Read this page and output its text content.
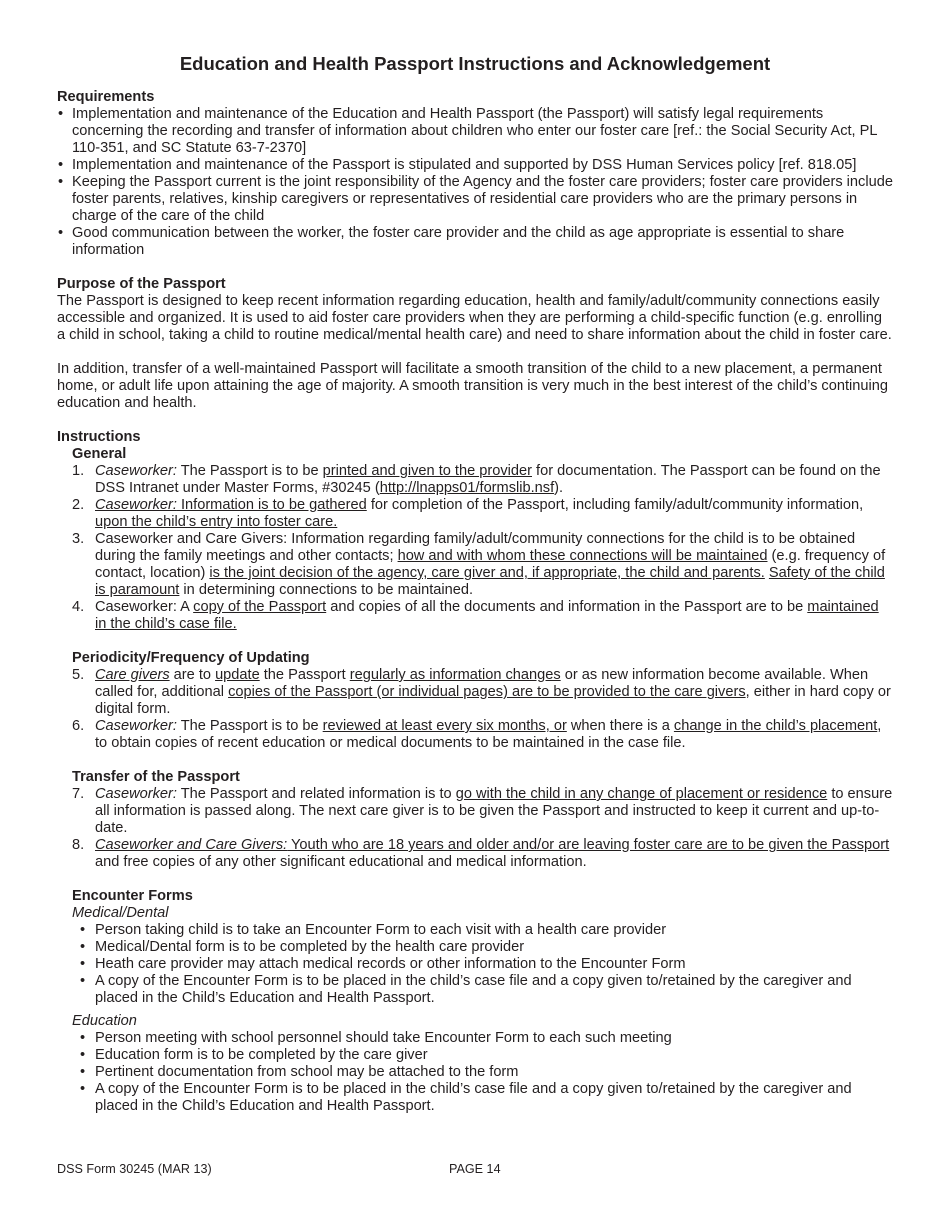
Education and Health Passport Instructions and Acknowledgement

Requirements

• Implementation and maintenance of the Education and Health Passport (the Passport) will satisfy legal requirements concerning the recording and transfer of information about children who enter our foster care [ref.: the Social Security Act, PL 110-351, and SC Statute 63-7-2370]
• Implementation and maintenance of the Passport is stipulated and supported by DSS Human Services policy [ref. 818.05]
• Keeping the Passport current is the joint responsibility of the Agency and the foster care providers; foster care providers include foster parents, relatives, kinship caregivers or representatives of residential care providers who are the primary persons in charge of the care of the child
• Good communication between the worker, the foster care provider and the child as age appropriate is essential to share information

Purpose of the Passport

The Passport is designed to keep recent information regarding education, health and family/adult/community connections easily accessible and organized. It is used to aid foster care providers when they are performing a child-specific function (e.g. enrolling a child in school, taking a child to routine medical/mental health care) and need to share information about the child in foster care.

In addition, transfer of a well-maintained Passport will facilitate a smooth transition of the child to a new placement, a permanent home, or adult life upon attaining the age of majority. A smooth transition is very much in the best interest of the child’s continuing education and health.

Instructions

General

1. Caseworker: The Passport is to be printed and given to the provider for documentation. The Passport can be found on the DSS Intranet under Master Forms, #30245 (http://lnapps01/formslib.nsf).
2. Caseworker: Information is to be gathered for completion of the Passport, including family/adult/community information, upon the child’s entry into foster care.
3. Caseworker and Care Givers: Information regarding family/adult/community connections for the child is to be obtained during the family meetings and other contacts; how and with whom these connections will be maintained (e.g. frequency of contact, location) is the joint decision of the agency, care giver and, if appropriate, the child and parents. Safety of the child is paramount in determining connections to be maintained.
4. Caseworker: A copy of the Passport and copies of all the documents and information in the Passport are to be maintained in the child’s case file.

Periodicity/Frequency of Updating

5. Care givers are to update the Passport regularly as information changes or as new information become available. When called for, additional copies of the Passport (or individual pages) are to be provided to the care givers, either in hard copy or digital form.
6. Caseworker: The Passport is to be reviewed at least every six months, or when there is a change in the child’s placement, to obtain copies of recent education or medical documents to be maintained in the case file.

Transfer of the Passport

7. Caseworker: The Passport and related information is to go with the child in any change of placement or residence to ensure all information is passed along. The next care giver is to be given the Passport and instructed to keep it current and up-to-date.
8. Caseworker and Care Givers: Youth who are 18 years and older and/or are leaving foster care are to be given the Passport and free copies of any other significant educational and medical information.

Encounter Forms

Medical/Dental

• Person taking child is to take an Encounter Form to each visit with a health care provider
• Medical/Dental form is to be completed by the health care provider
• Heath care provider may attach medical records or other information to the Encounter Form
• A copy of the Encounter Form is to be placed in the child’s case file and a copy given to/retained by the caregiver and placed in the Child’s Education and Health Passport.

Education

• Person meeting with school personnel should take Encounter Form to each such meeting
• Education form is to be completed by the care giver
• Pertinent documentation from school may be attached to the form
• A copy of the Encounter Form is to be placed in the child’s case file and a copy given to/retained by the caregiver and placed in the Child’s Education and Health Passport.
DSS Form 30245 (MAR 13)	PAGE 14
